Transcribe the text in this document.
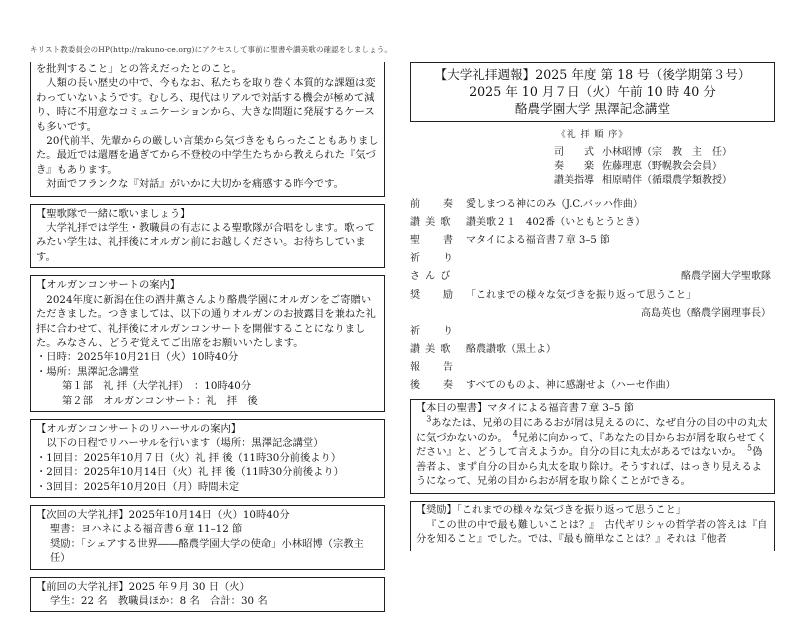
キリスト教委員会のHP(http://rakuno-ce.org)にアクセスして事前に聖書や讃美歌の確認をしましょう。

を批判すること」との答えだったとのこと。

人類の長い歴史の中で、今もなお、私たちを取り巻く本質的な課題は変わっていないようです。むしろ、現代はリアルで対話する機会が極めて減り、時に不用意なコミュニケーションから、大きな問題に発展するケースも多いです。

20代前半、先輩からの厳しい言葉から気づきをもらったこともありました。最近では還暦を過ぎてから不登校の中学生たちから教えられた『気づき』もあります。

対面でフランクな『対話』がいかに大切かを痛感する昨今です。

【聖歌隊で一緒に歌いましょう】

大学礼拝では学生・教職員の有志による聖歌隊が合唱をします。歌ってみたい学生は、礼拝後にオルガン前にお越しください。お待ちしています。

【オルガンコンサートの案内】

2024年度に新潟在住の酒井薫さんより酪農学園にオルガンをご寄贈いただきました。つきましては、以下の通りオルガンのお披露目を兼ねた礼拝に合わせて、礼拝後にオルガンコンサートを開催することになりました。みなさん、どうぞ覚えてご出席をお願いいたします。

・日時：2025年10月21日（火）10時40分

・場所：黒澤記念講堂

第１部　礼 拝（大学礼拝）　：10時40分

第２部　オルガンコンサート：礼　拝　後

【オルガンコンサートのリハーサルの案内】

以下の日程でリハーサルを行います（場所：黒澤記念講堂）

・1回目：2025年10月７日（火）礼 拝 後（11時30分前後より）

・2回目：2025年10月14日（火）礼 拝 後（11時30分前後より）

・3回目：2025年10月20日（月）時間未定

【次回の大学礼拝】2025年10月14日（火）10時40分

聖書：ヨハネによる福音書６章 11–12 節

奨励：「シェアする世界――酪農学園大学の使命」小林昭博（宗教主任）

【前回の大学礼拝】2025 年９月 30 日（火）

学生：22 名　教職員ほか：8 名　合計：30 名

【大学礼拝週報】2025 年度 第 18 号（後学期第３号）
2025 年 10 月７日（火）午前 10 時 40 分
酪農学園大学 黒澤記念講堂
《礼 拝 順 序》
司　　式 小林昭博（宗　教　主　任）
奏　　楽 佐藤理恵（野幌教会会員）
讃美指導 相原晴伴（循環農学類教授）
前　　奏	愛しまつる神にのみ（J.C.バッハ作曲）
讃 美 歌	讃美歌２１　402番（いともとうとき）
聖　　書	マタイによる福音書７章 3–5 節
祈　　り
さ ん び	酪農学園大学聖歌隊
奨　　励	「これまでの様々な気づきを振り返って思うこと」
高島英也（酪農学園理事長）
祈　　り
讃 美 歌	酪農讃歌（黒土よ）
報　　告
後　　奏	すべてのものよ、神に感謝せよ（ハーセ作曲）

【本日の聖書】マタイによる福音書７章 3–5 節

$^3$あなたは、兄弟の目にあるおが屑は見えるのに、なぜ自分の目の中の丸太に気づかないのか。　 $^4$兄弟に向かって、『あなたの目からおが屑を取らせてください』と、どうして言えようか。自分の目に丸太があるではないか。　 $^5$偽善者よ、まず自分の目から丸太を取り除け。そうすれば、はっきり見えるようになって、兄弟の目からおが屑を取り除くことができる。

【奨励】「これまでの様々な気づきを振り返って思うこと」

『この世の中で最も難しいことは？』　古代ギリシャの哲学者の答えは『自分を知ること』でした。では、『最も簡単なことは？』それは『他者
